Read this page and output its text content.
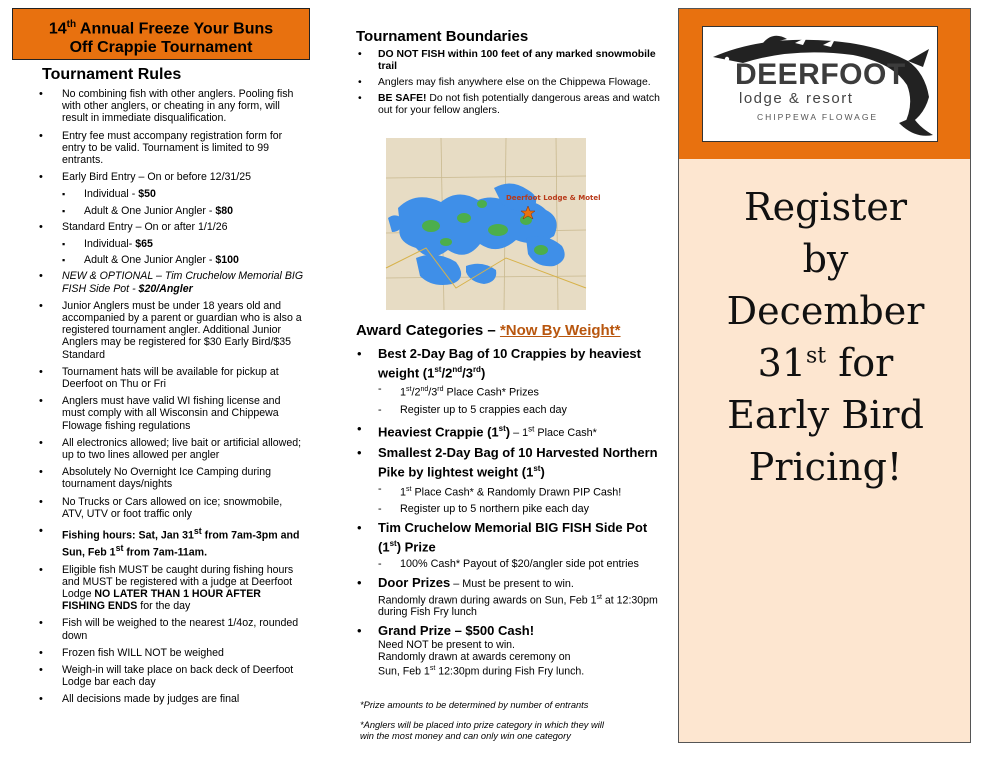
14th Annual Freeze Your Buns
Off Crappie Tournament
Tournament Rules
• No combining fish with other anglers. Pooling fish with other anglers, or cheating in any form, will result in immediate disqualification.
• Entry fee must accompany registration form for entry to be valid. Tournament is limited to 99 entrants.
• Early Bird Entry – On or before 12/31/25
▪ Individual - $50
▪ Adult & One Junior Angler - $80
• Standard Entry – On or after 1/1/26
▪ Individual- $65
▪ Adult & One Junior Angler - $100
• NEW & OPTIONAL – Tim Cruchelow Memorial BIG FISH Side Pot - $20/Angler
• Junior Anglers must be under 18 years old and accompanied by a parent or guardian who is also a registered tournament angler. Additional Junior Anglers may be registered for $30 Early Bird/$35 Standard
• Tournament hats will be available for pickup at Deerfoot on Thu or Fri
• Anglers must have valid WI fishing license and must comply with all Wisconsin and Chippewa Flowage fishing regulations
• All electronics allowed; live bait or artificial allowed; up to two lines allowed per angler
• Absolutely No Overnight Ice Camping during tournament days/nights
• No Trucks or Cars allowed on ice; snowmobile, ATV, UTV or foot traffic only
• Fishing hours: Sat, Jan 31st from 7am-3pm and Sun, Feb 1st from 7am-11am.
• Eligible fish MUST be caught during fishing hours and MUST be registered with a judge at Deerfoot Lodge NO LATER THAN 1 HOUR AFTER FISHING ENDS for the day
• Fish will be weighed to the nearest 1/4oz, rounded down
• Frozen fish WILL NOT be weighed
• Weigh-in will take place on back deck of Deerfoot Lodge bar each day
• All decisions made by judges are final
Tournament Boundaries
• DO NOT FISH within 100 feet of any marked snowmobile trail
• Anglers may fish anywhere else on the Chippewa Flowage.
• BE SAFE! Do not fish potentially dangerous areas and watch out for your fellow anglers.
Deerfoot Lodge & Motel
Award Categories – *Now By Weight*
• Best 2-Day Bag of 10 Crappies by heaviest weight (1st/2nd/3rd)
- 1st/2nd/3rd Place Cash* Prizes
- Register up to 5 crappies each day
• Heaviest Crappie (1st) – 1st Place Cash*
• Smallest 2-Day Bag of 10 Harvested Northern Pike by lightest weight (1st)
- 1st Place Cash* & Randomly Drawn PIP Cash!
- Register up to 5 northern pike each day
• Tim Cruchelow Memorial BIG FISH Side Pot (1st) Prize
- 100% Cash* Payout of $20/angler side pot entries
• Door Prizes – Must be present to win.
Randomly drawn during awards on Sun, Feb 1st at 12:30pm during Fish Fry lunch
• Grand Prize – $500 Cash!
Need NOT be present to win.
Randomly drawn at awards ceremony on
Sun, Feb 1st 12:30pm during Fish Fry lunch.
*Prize amounts to be determined by number of entrants
*Anglers will be placed into prize category in which they will win the most money and can only win one category
DEERFOOT
lodge & resort
CHIPPEWA FLOWAGE
Register
by
December
31st for
Early Bird
Pricing!
